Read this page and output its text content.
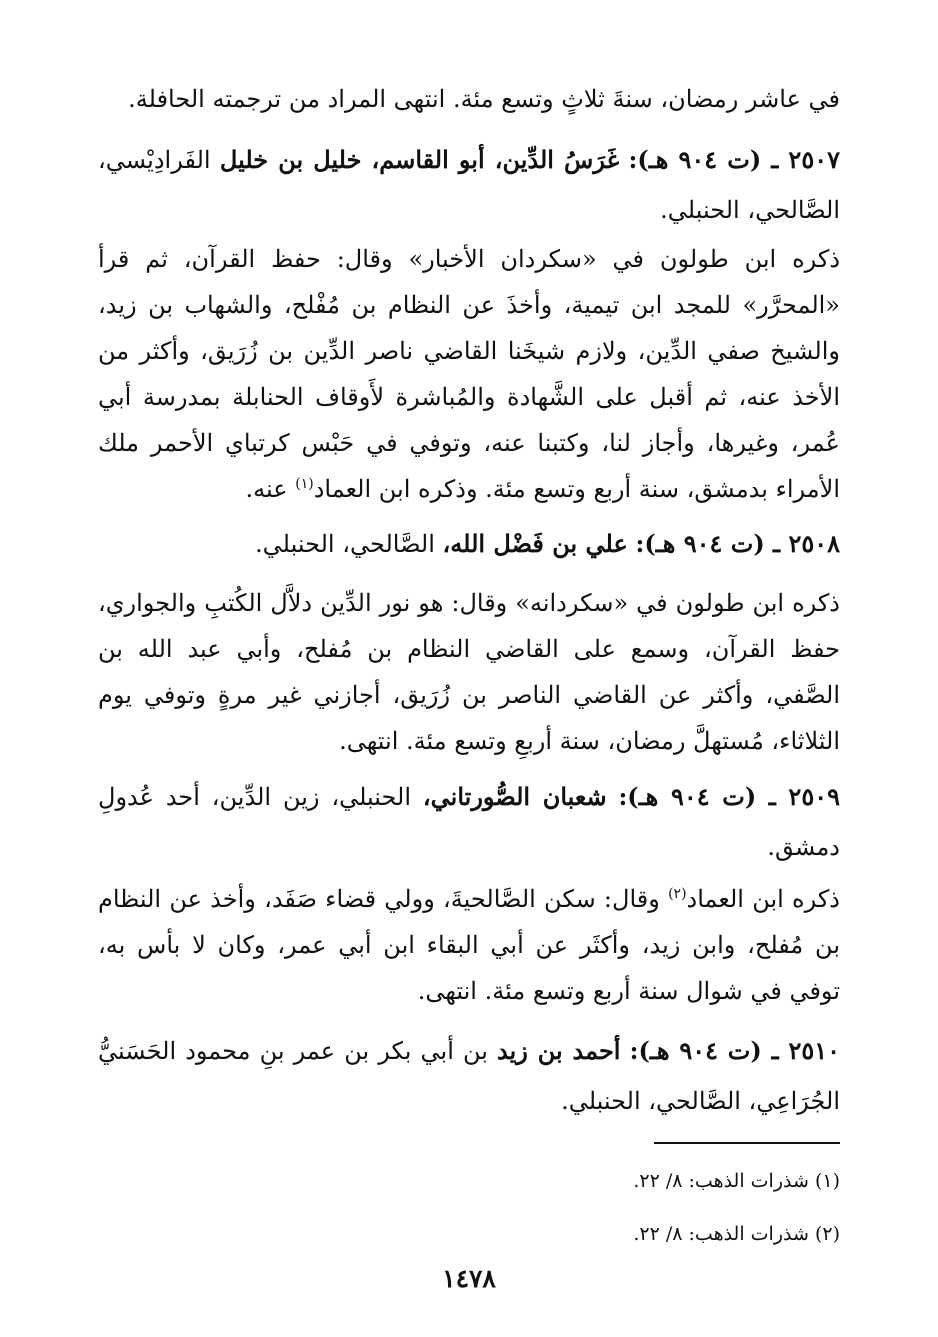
في عاشر رمضان، سنةَ ثلاثٍ وتسع مئة. انتهى المراد من ترجمته الحافلة.
٢٥٠٧ ـ (ت ٩٠٤ هـ): غَرَسُ الدِّين، أبو القاسم، خليل بن خليل الفَرادِيْسي، الصَّالحي، الحنبلي.
ذكره ابن طولون في «سكردان الأخبار» وقال: حفظ القرآن، ثم قرأ «المحرَّر» للمجد ابن تيمية، وأخذَ عن النظام بن مُفْلح، والشهاب بن زيد، والشيخ صفي الدِّين، ولازم شيخَنا القاضي ناصر الدِّين بن زُرَيق، وأكثر من الأخذ عنه، ثم أقبل على الشَّهادة والمُباشرة لأَوقاف الحنابلة بمدرسة أبي عُمر، وغيرها، وأجاز لنا، وكتبنا عنه، وتوفي في حَبْس كرتباي الأحمر ملك الأمراء بدمشق، سنة أربع وتسع مئة. وذكره ابن العماد$^{(١)}$ عنه.
٢٥٠٨ ـ (ت ٩٠٤ هـ): علي بن فَضْل الله، الصَّالحي، الحنبلي.
ذكره ابن طولون في «سكردانه» وقال: هو نور الدِّين دلاَّل الكُتبِ والجواري، حفظ القرآن، وسمع على القاضي النظام بن مُفلح، وأبي عبد الله بن الصَّفي، وأكثر عن القاضي الناصر بن زُرَيق، أجازني غير مرةٍ وتوفي يوم الثلاثاء، مُستهلَّ رمضان، سنة أربعِ وتسع مئة. انتهى.
٢٥٠٩ ـ (ت ٩٠٤ هـ): شعبان الصُّورتاني، الحنبلي، زين الدِّين، أحد عُدولِ دمشق.
ذكره ابن العماد$^{(٢)}$ وقال: سكن الصَّالحيةَ، وولي قضاء صَفَد، وأخذ عن النظام بن مُفلح، وابن زيد، وأكثَر عن أبي البقاء ابن أبي عمر، وكان لا بأس به، توفي في شوال سنة أربع وتسع مئة. انتهى.
٢٥١٠ ـ (ت ٩٠٤ هـ): أحمد بن زيد بن أبي بكر بن عمر بنِ محمود الحَسَنيُّ الجُرَاعِي، الصَّالحي، الحنبلي.
(١) شذرات الذهب: ٨/ ٢٢.
(٢) شذرات الذهب: ٨/ ٢٢.
١٤٧٨
